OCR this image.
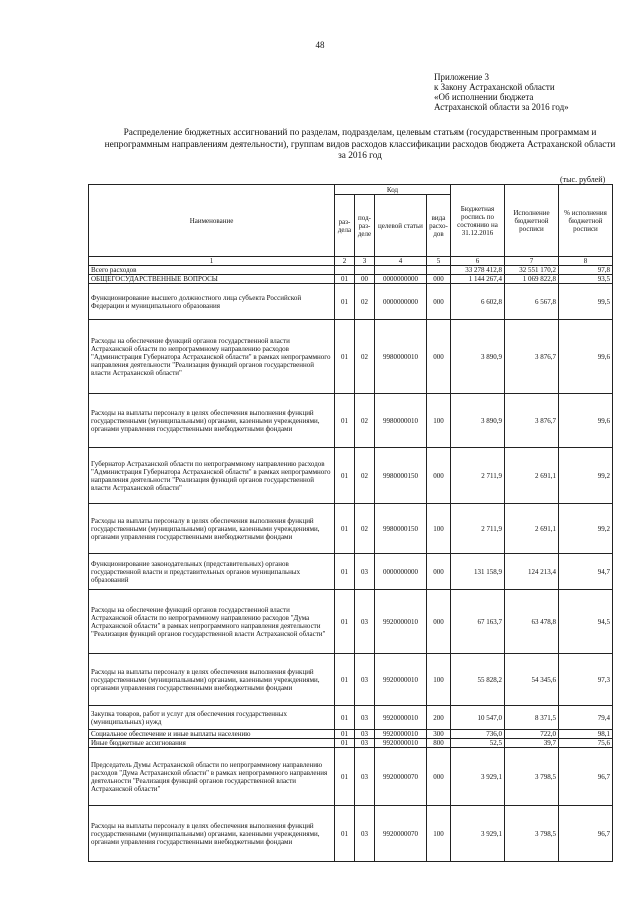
48
Приложение 3
к Закону Астраханской области
«Об исполнении бюджета
Астраханской области за 2016 год»
Распределение бюджетных ассигнований по разделам, подразделам, целевым статьям (государственным программам и непрограммным направлениям деятельности), группам видов расходов классификации расходов бюджета Астраханской области за 2016 год
(тыс. рублей)
Наименование	Код				Бюджетная роспись по состоянию на 31.12.2016	Исполнение бюджетной росписи	% исполнения бюджетной росписи
	раз-дела	под-раз-деле	целевой статьи	вида расхо-дов			
1	2	3	4	5	6	7	8
Всего расходов					33 278 412,8	32 551 170,2	97,8
ОБЩЕГОСУДАРСТВЕННЫЕ ВОПРОСЫ	01	00	0000000000	000	1 144 267,4	1 069 822,8	93,5
Функционирование высшего должностного лица субъекта Российской Федерации и муниципального образования	01	02	0000000000	000	6 602,8	6 567,8	99,5
Расходы на обеспечение функций органов государственной власти Астраханской области по непрограммному направлению расходов "Администрация Губернатора Астраханской области" в рамках непрограммного направления деятельности "Реализация функций органов государственной власти Астраханской области"	01	02	9980000010	000	3 890,9	3 876,7	99,6
Расходы на выплаты персоналу в целях обеспечения выполнения функций государственными (муниципальными) органами, казенными учреждениями, органами управления государственными внебюджетными фондами	01	02	9980000010	100	3 890,9	3 876,7	99,6
Губернатор Астраханской области по непрограммному направлению расходов "Администрация Губернатора Астраханской области" в рамках непрограммного направления деятельности "Реализация функций органов государственной власти Астраханской области"	01	02	9980000150	000	2 711,9	2 691,1	99,2
Расходы на выплаты персоналу в целях обеспечения выполнения функций государственными (муниципальными) органами, казенными учреждениями, органами управления государственными внебюджетными фондами	01	02	9980000150	100	2 711,9	2 691,1	99,2
Функционирование законодательных (представительных) органов государственной власти и представительных органов муниципальных образований	01	03	0000000000	000	131 158,9	124 213,4	94,7
Расходы на обеспечение функций органов государственной власти Астраханской области по непрограммному направлению расходов "Дума Астраханской области" в рамках непрограммного направления деятельности "Реализация функций органов государственной власти Астраханской области"	01	03	9920000010	000	67 163,7	63 478,8	94,5
Расходы на выплаты персоналу в целях обеспечения выполнения функций государственными (муниципальными) органами, казенными учреждениями, органами управления государственными внебюджетными фондами	01	03	9920000010	100	55 828,2	54 345,6	97,3
Закупка товаров, работ и услуг для обеспечения государственных (муниципальных) нужд	01	03	9920000010	200	10 547,0	8 371,5	79,4
Социальное обеспечение и иные выплаты населению	01	03	9920000010	300	736,0	722,0	98,1
Иные бюджетные ассигнования	01	03	9920000010	800	52,5	39,7	75,6
Председатель Думы Астраханской области по непрограммному направлению расходов "Дума Астраханской области" в рамках непрограммного направления деятельности "Реализация функций органов государственной власти Астраханской области"	01	03	9920000070	000	3 929,1	3 798,5	96,7
Расходы на выплаты персоналу в целях обеспечения выполнения функций государственными (муниципальными) органами, казенными учреждениями, органами управления государственными внебюджетными фондами	01	03	9920000070	100	3 929,1	3 798,5	96,7
